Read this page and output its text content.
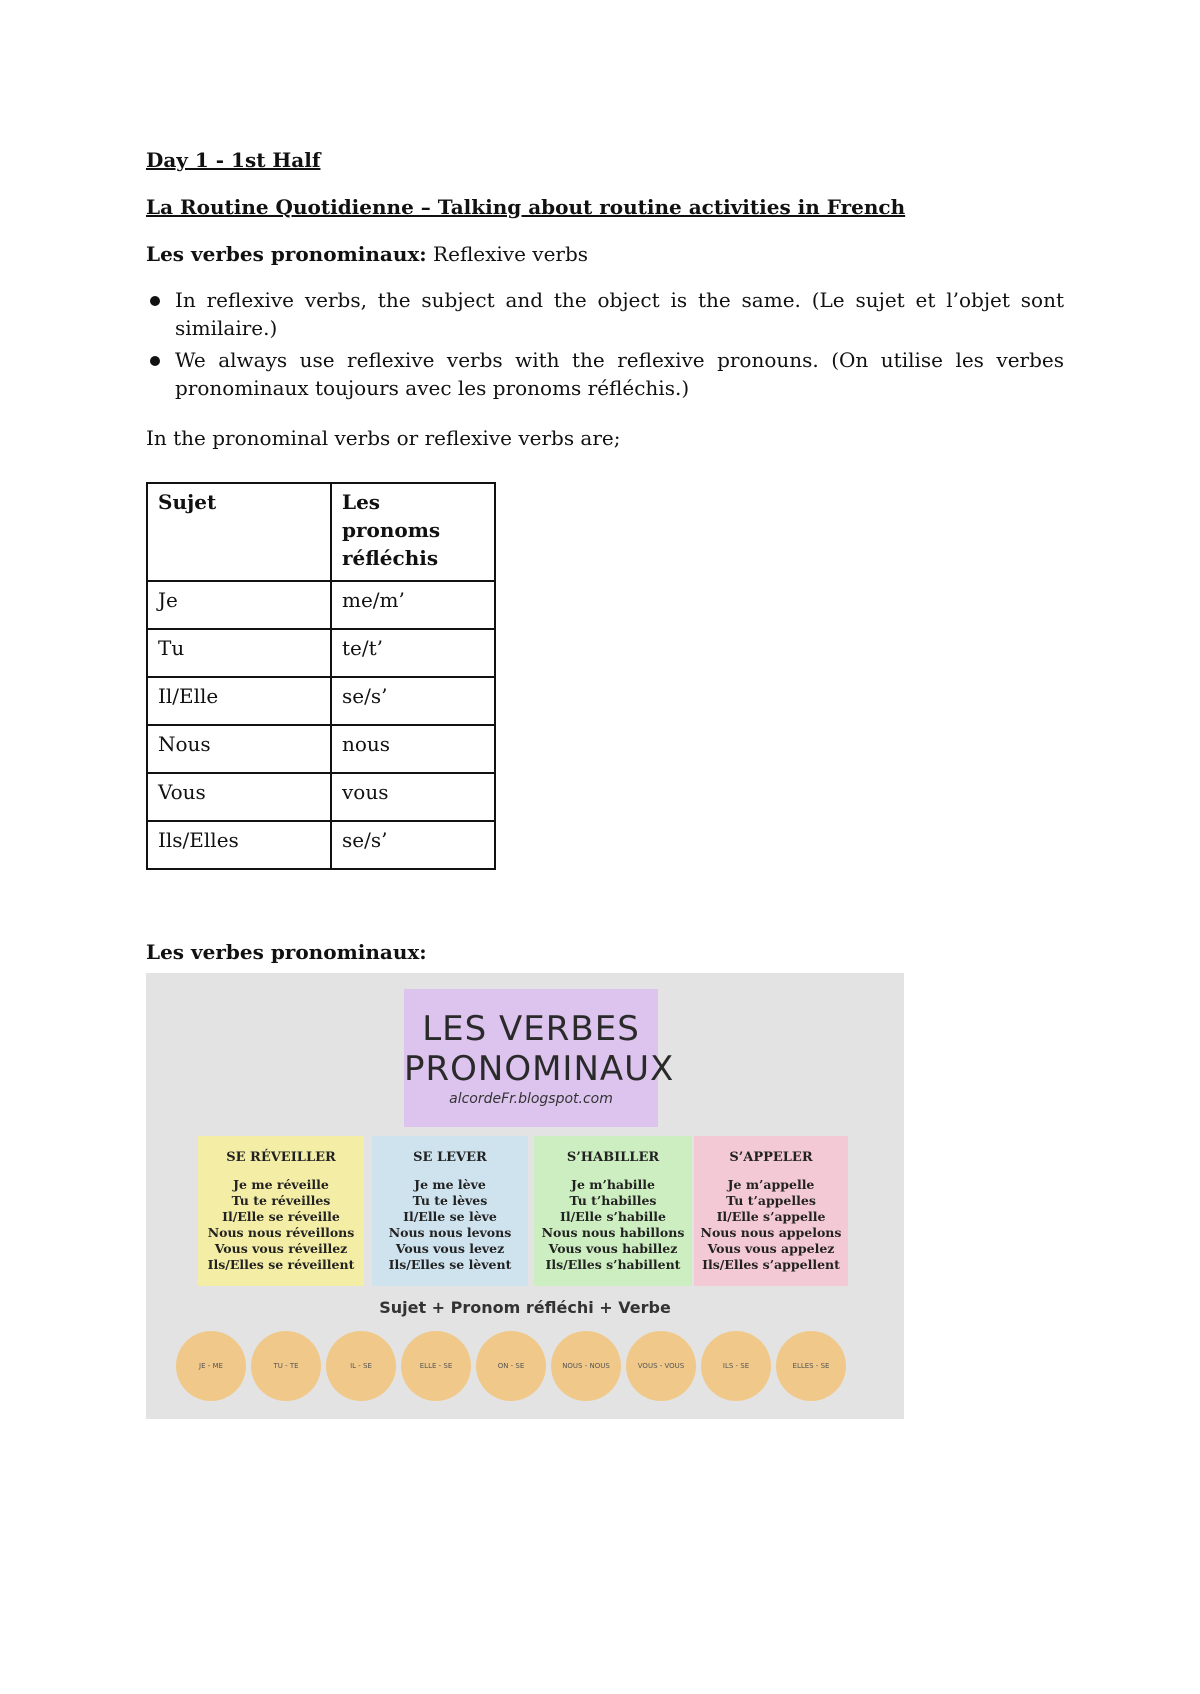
Day 1 - 1st Half

La Routine Quotidienne – Talking about routine activities in French

Les verbes pronominaux: Reflexive verbs
In reflexive verbs, the subject and the object is the same. (Le sujet et l’objet sont similaire.)
We always use reflexive verbs with the reflexive pronouns. (On utilise les verbes pronominaux toujours avec les pronoms réfléchis.)
In the pronominal verbs or reflexive verbs are;
Sujet	Les pronoms réfléchis
Je	me/m’
Tu	te/t’
Il/Elle	se/s’
Nous	nous
Vous	vous
Ils/Elles	se/s’
Les verbes pronominaux:
LES VERBES
PRONOMINAUX
alcordeFr.blogspot.com
SE RÉVEILLER
Je me réveille
Tu te réveilles
Il/Elle se réveille
Nous nous réveillons
Vous vous réveillez
Ils/Elles se réveillent
SE LEVER
Je me lève
Tu te lèves
Il/Elle se lève
Nous nous levons
Vous vous levez
Ils/Elles se lèvent
S’HABILLER
Je m’habille
Tu t’habilles
Il/Elle s’habille
Nous nous habillons
Vous vous habillez
Ils/Elles s’habillent
S’APPELER
Je m’appelle
Tu t’appelles
Il/Elle s’appelle
Nous nous appelons
Vous vous appelez
Ils/Elles s’appellent
Sujet + Pronom réfléchi + Verbe
JE - ME	TU - TE	IL - SE	ELLE - SE	ON - SE	NOUS - NOUS	VOUS - VOUS	ILS - SE	ELLES - SE
